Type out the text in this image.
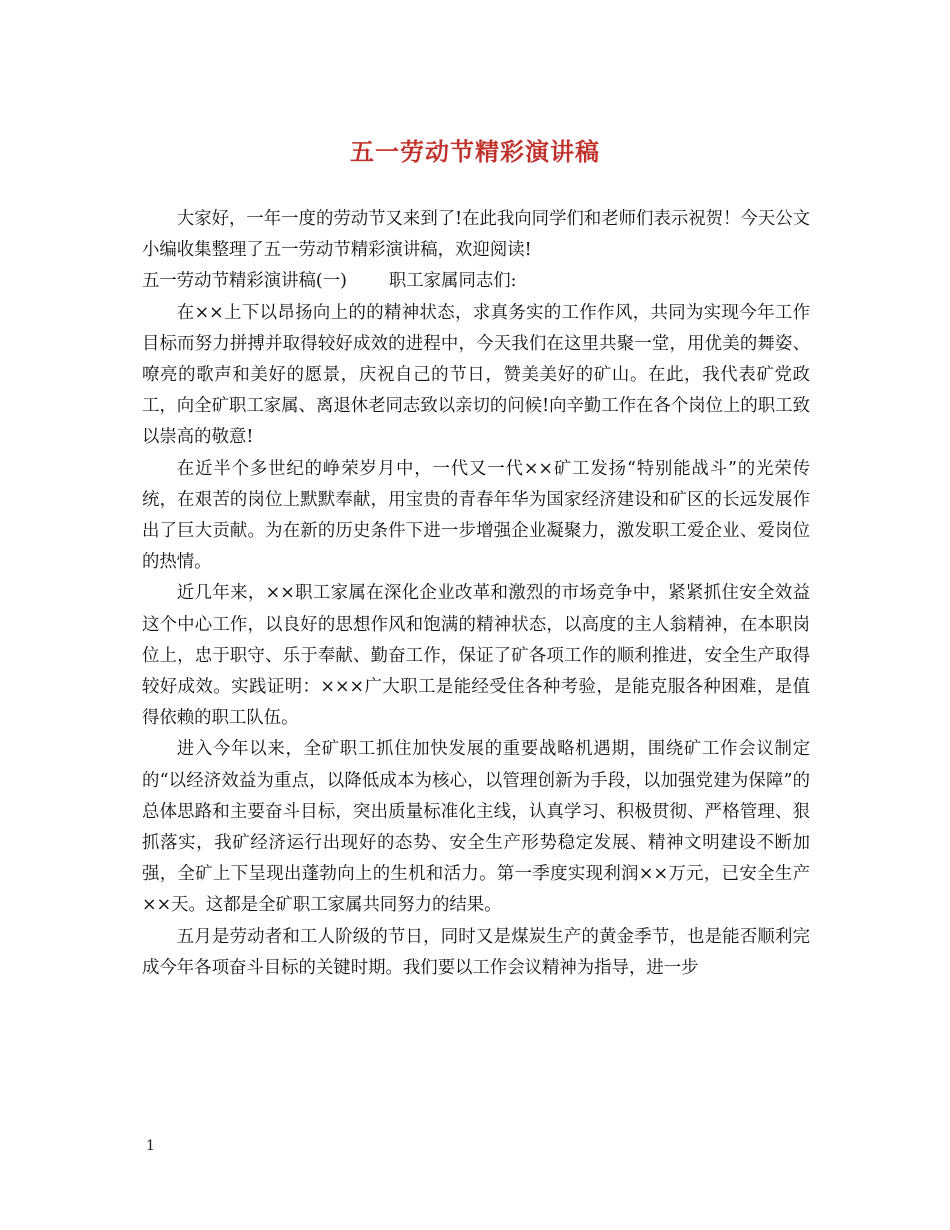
五一劳动节精彩演讲稿

大家好，一年一度的劳动节又来到了!在此我向同学们和老师们表示祝贺！今天公文小编收集整理了五一劳动节精彩演讲稿，欢迎阅读!

五一劳动节精彩演讲稿(一) 职工家属同志们:

在××上下以昂扬向上的的精神状态，求真务实的工作作风，共同为实现今年工作目标而努力拼搏并取得较好成效的进程中，今天我们在这里共聚一堂，用优美的舞姿、嘹亮的歌声和美好的愿景，庆祝自己的节日，赞美美好的矿山。在此，我代表矿党政工，向全矿职工家属、离退休老同志致以亲切的问候!向辛勤工作在各个岗位上的职工致以崇高的敬意!

在近半个多世纪的峥荣岁月中，一代又一代××矿工发扬“特别能战斗”的光荣传统，在艰苦的岗位上默默奉献，用宝贵的青春年华为国家经济建设和矿区的长远发展作出了巨大贡献。为在新的历史条件下进一步增强企业凝聚力，激发职工爱企业、爱岗位的热情。

近几年来，××职工家属在深化企业改革和激烈的市场竞争中，紧紧抓住安全效益这个中心工作，以良好的思想作风和饱满的精神状态，以高度的主人翁精神，在本职岗位上，忠于职守、乐于奉献、勤奋工作，保证了矿各项工作的顺利推进，安全生产取得较好成效。实践证明：×××广大职工是能经受住各种考验，是能克服各种困难，是值得依赖的职工队伍。

进入今年以来，全矿职工抓住加快发展的重要战略机遇期，围绕矿工作会议制定的“以经济效益为重点，以降低成本为核心，以管理创新为手段，以加强党建为保障”的总体思路和主要奋斗目标，突出质量标准化主线，认真学习、积极贯彻、严格管理、狠抓落实，我矿经济运行出现好的态势、安全生产形势稳定发展、精神文明建设不断加强，全矿上下呈现出蓬勃向上的生机和活力。第一季度实现利润××万元，已安全生产××天。这都是全矿职工家属共同努力的结果。

五月是劳动者和工人阶级的节日，同时又是煤炭生产的黄金季节，也是能否顺利完成今年各项奋斗目标的关键时期。我们要以工作会议精神为指导，进一步

1
